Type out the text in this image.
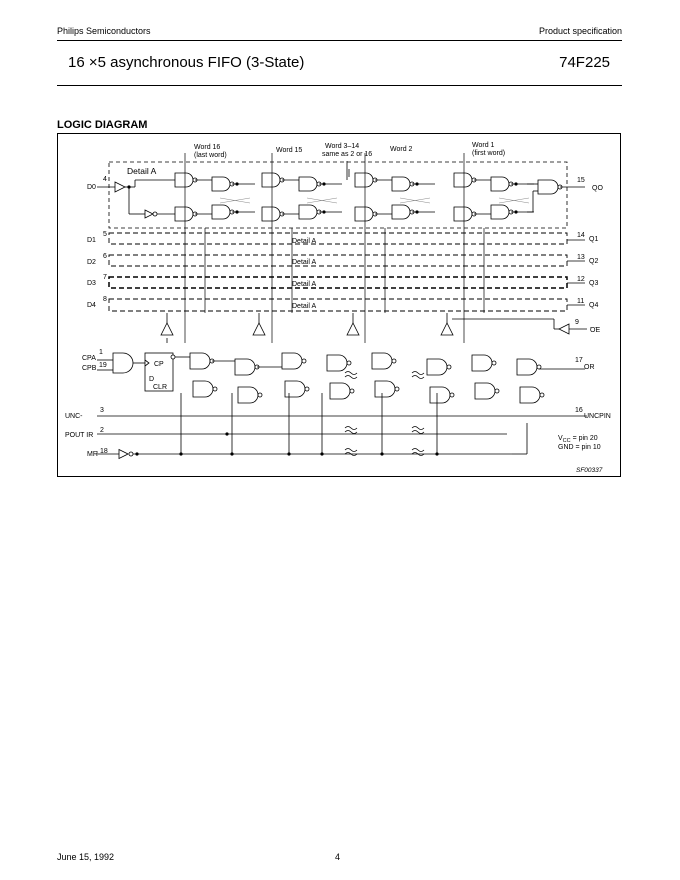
Philips Semiconductors	Product specification
16 ×5 asynchronous FIFO (3-State)	74F225
LOGIC DIAGRAM
Word 16
(last word)
Word 15
Word 3–14
same as 2 or 16
Word 2
Word 1
(first word)
Detail A
D0
4
D1
5
D2
6
D3
7
D4
8
QO
15
Q1
14
Q2
13
Q3
12
Q4
11
9
OE
Detail A
Detail A
Detail A
Detail A
CPA
1
CPB 19
UNC-
3
POUT IR
2
MR 18
CP
D
CLR
17
OR
16
UNCPIN
$V_{CC}$ = pin 20
GND = pin 10
SF00337
June 15, 1992	4
